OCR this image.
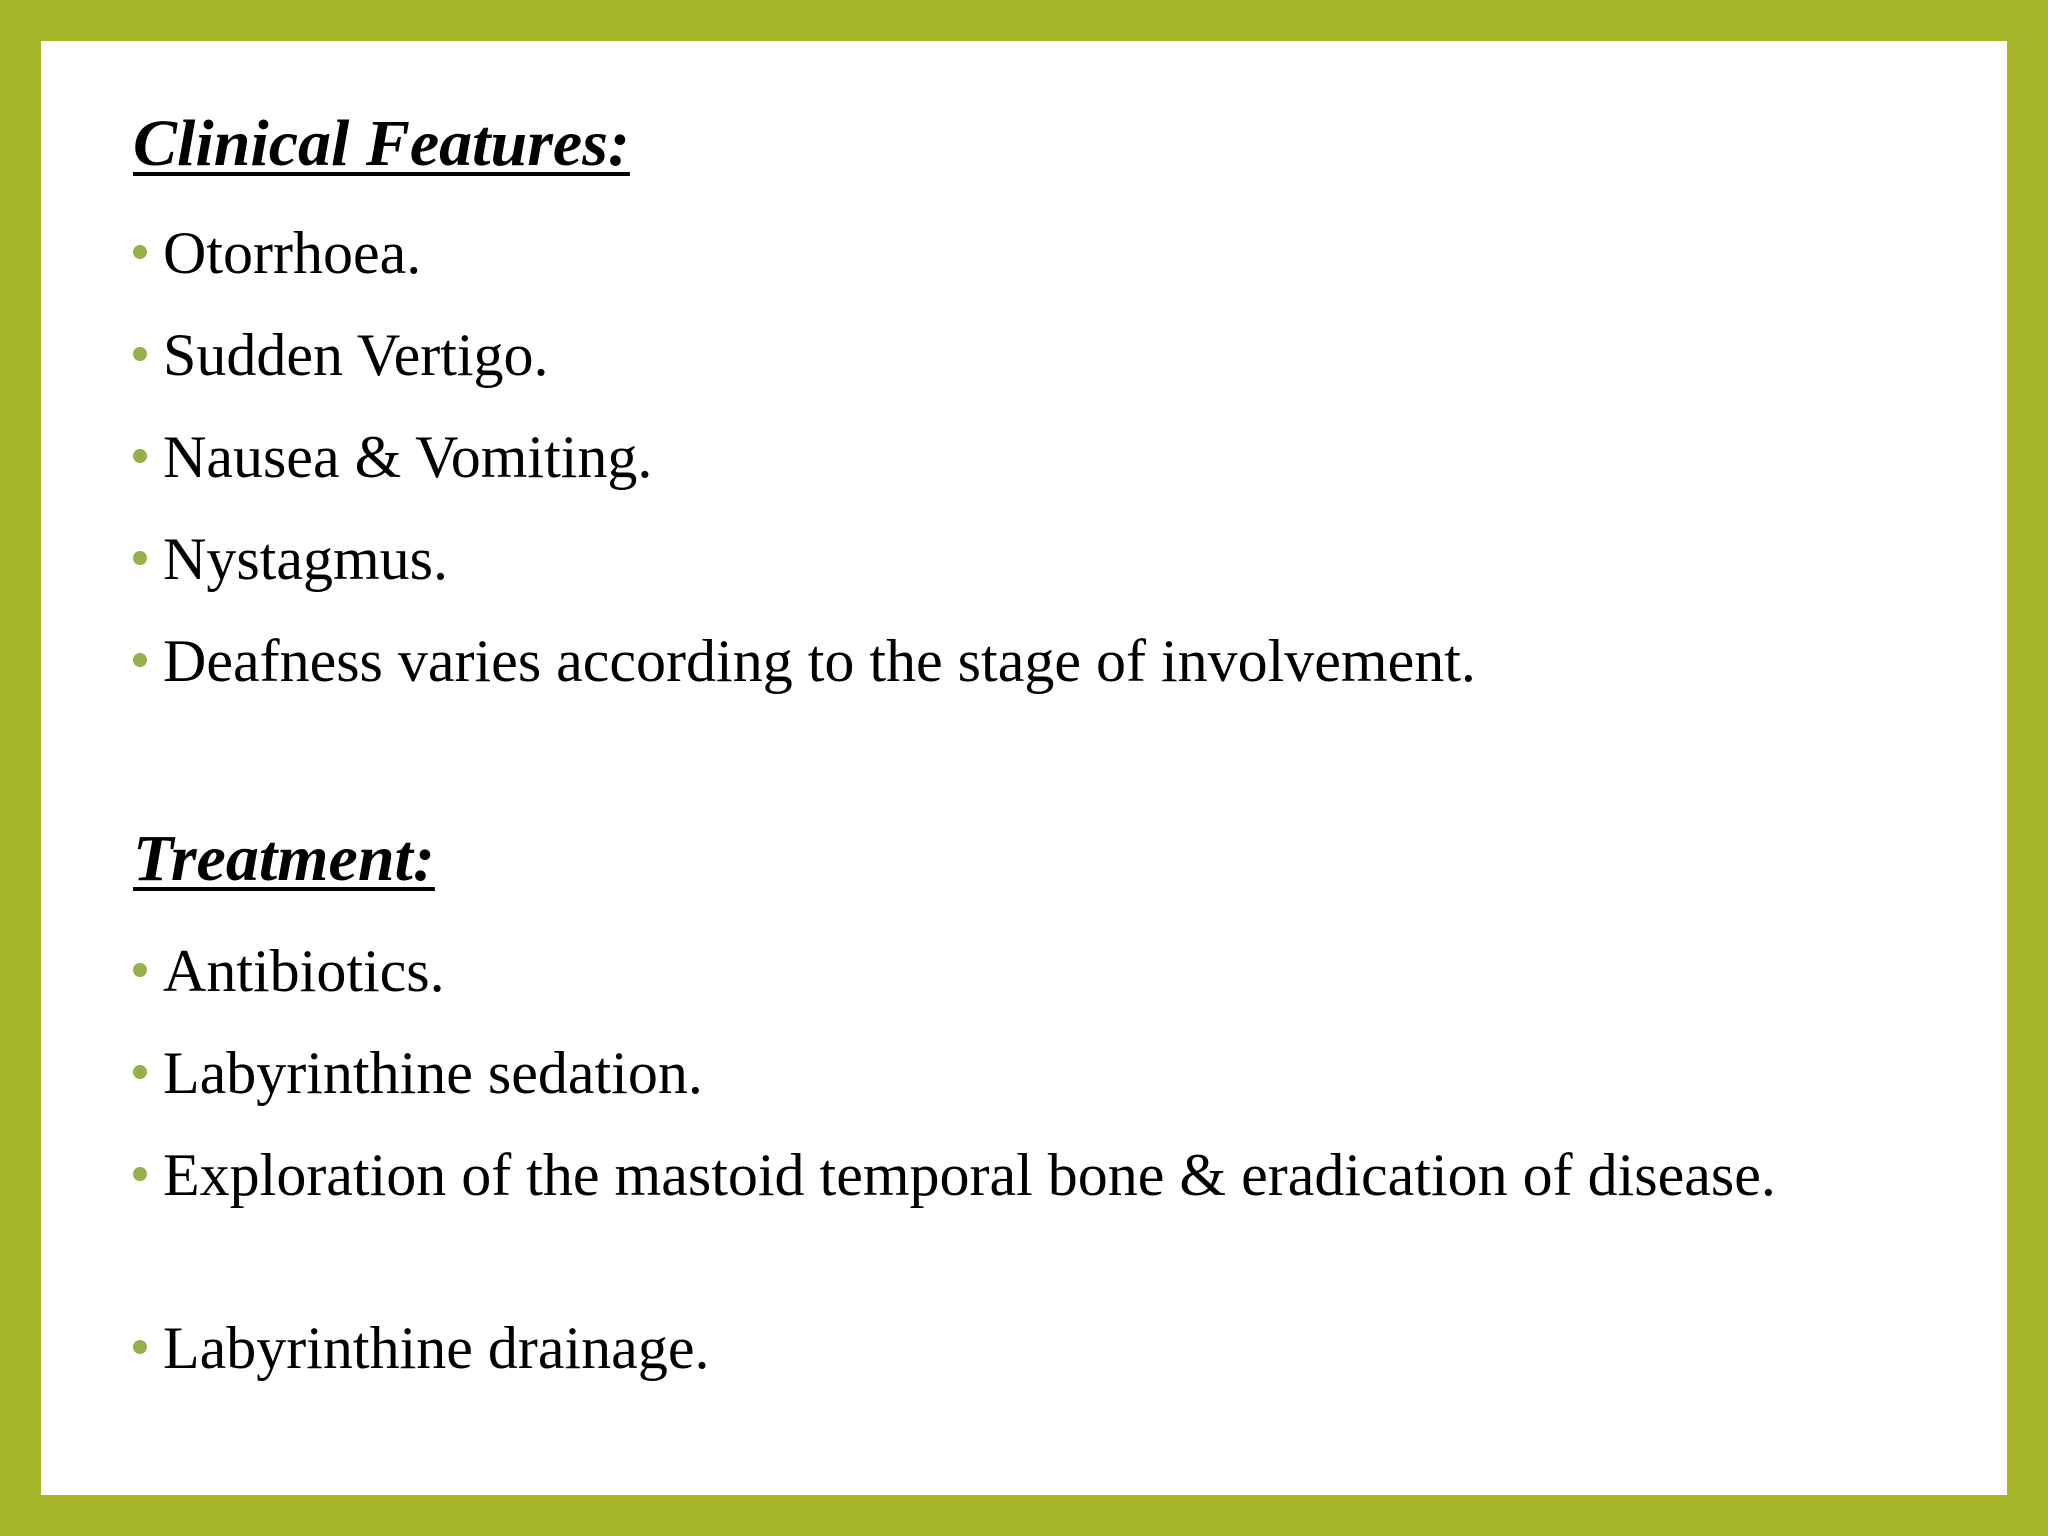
Clinical Features:
Otorrhoea.
Sudden Vertigo.
Nausea & Vomiting.
Nystagmus.
Deafness varies according to the stage of involvement.
Treatment:
Antibiotics.
Labyrinthine sedation.
Exploration of the mastoid temporal bone & eradication of disease.
Labyrinthine drainage.
